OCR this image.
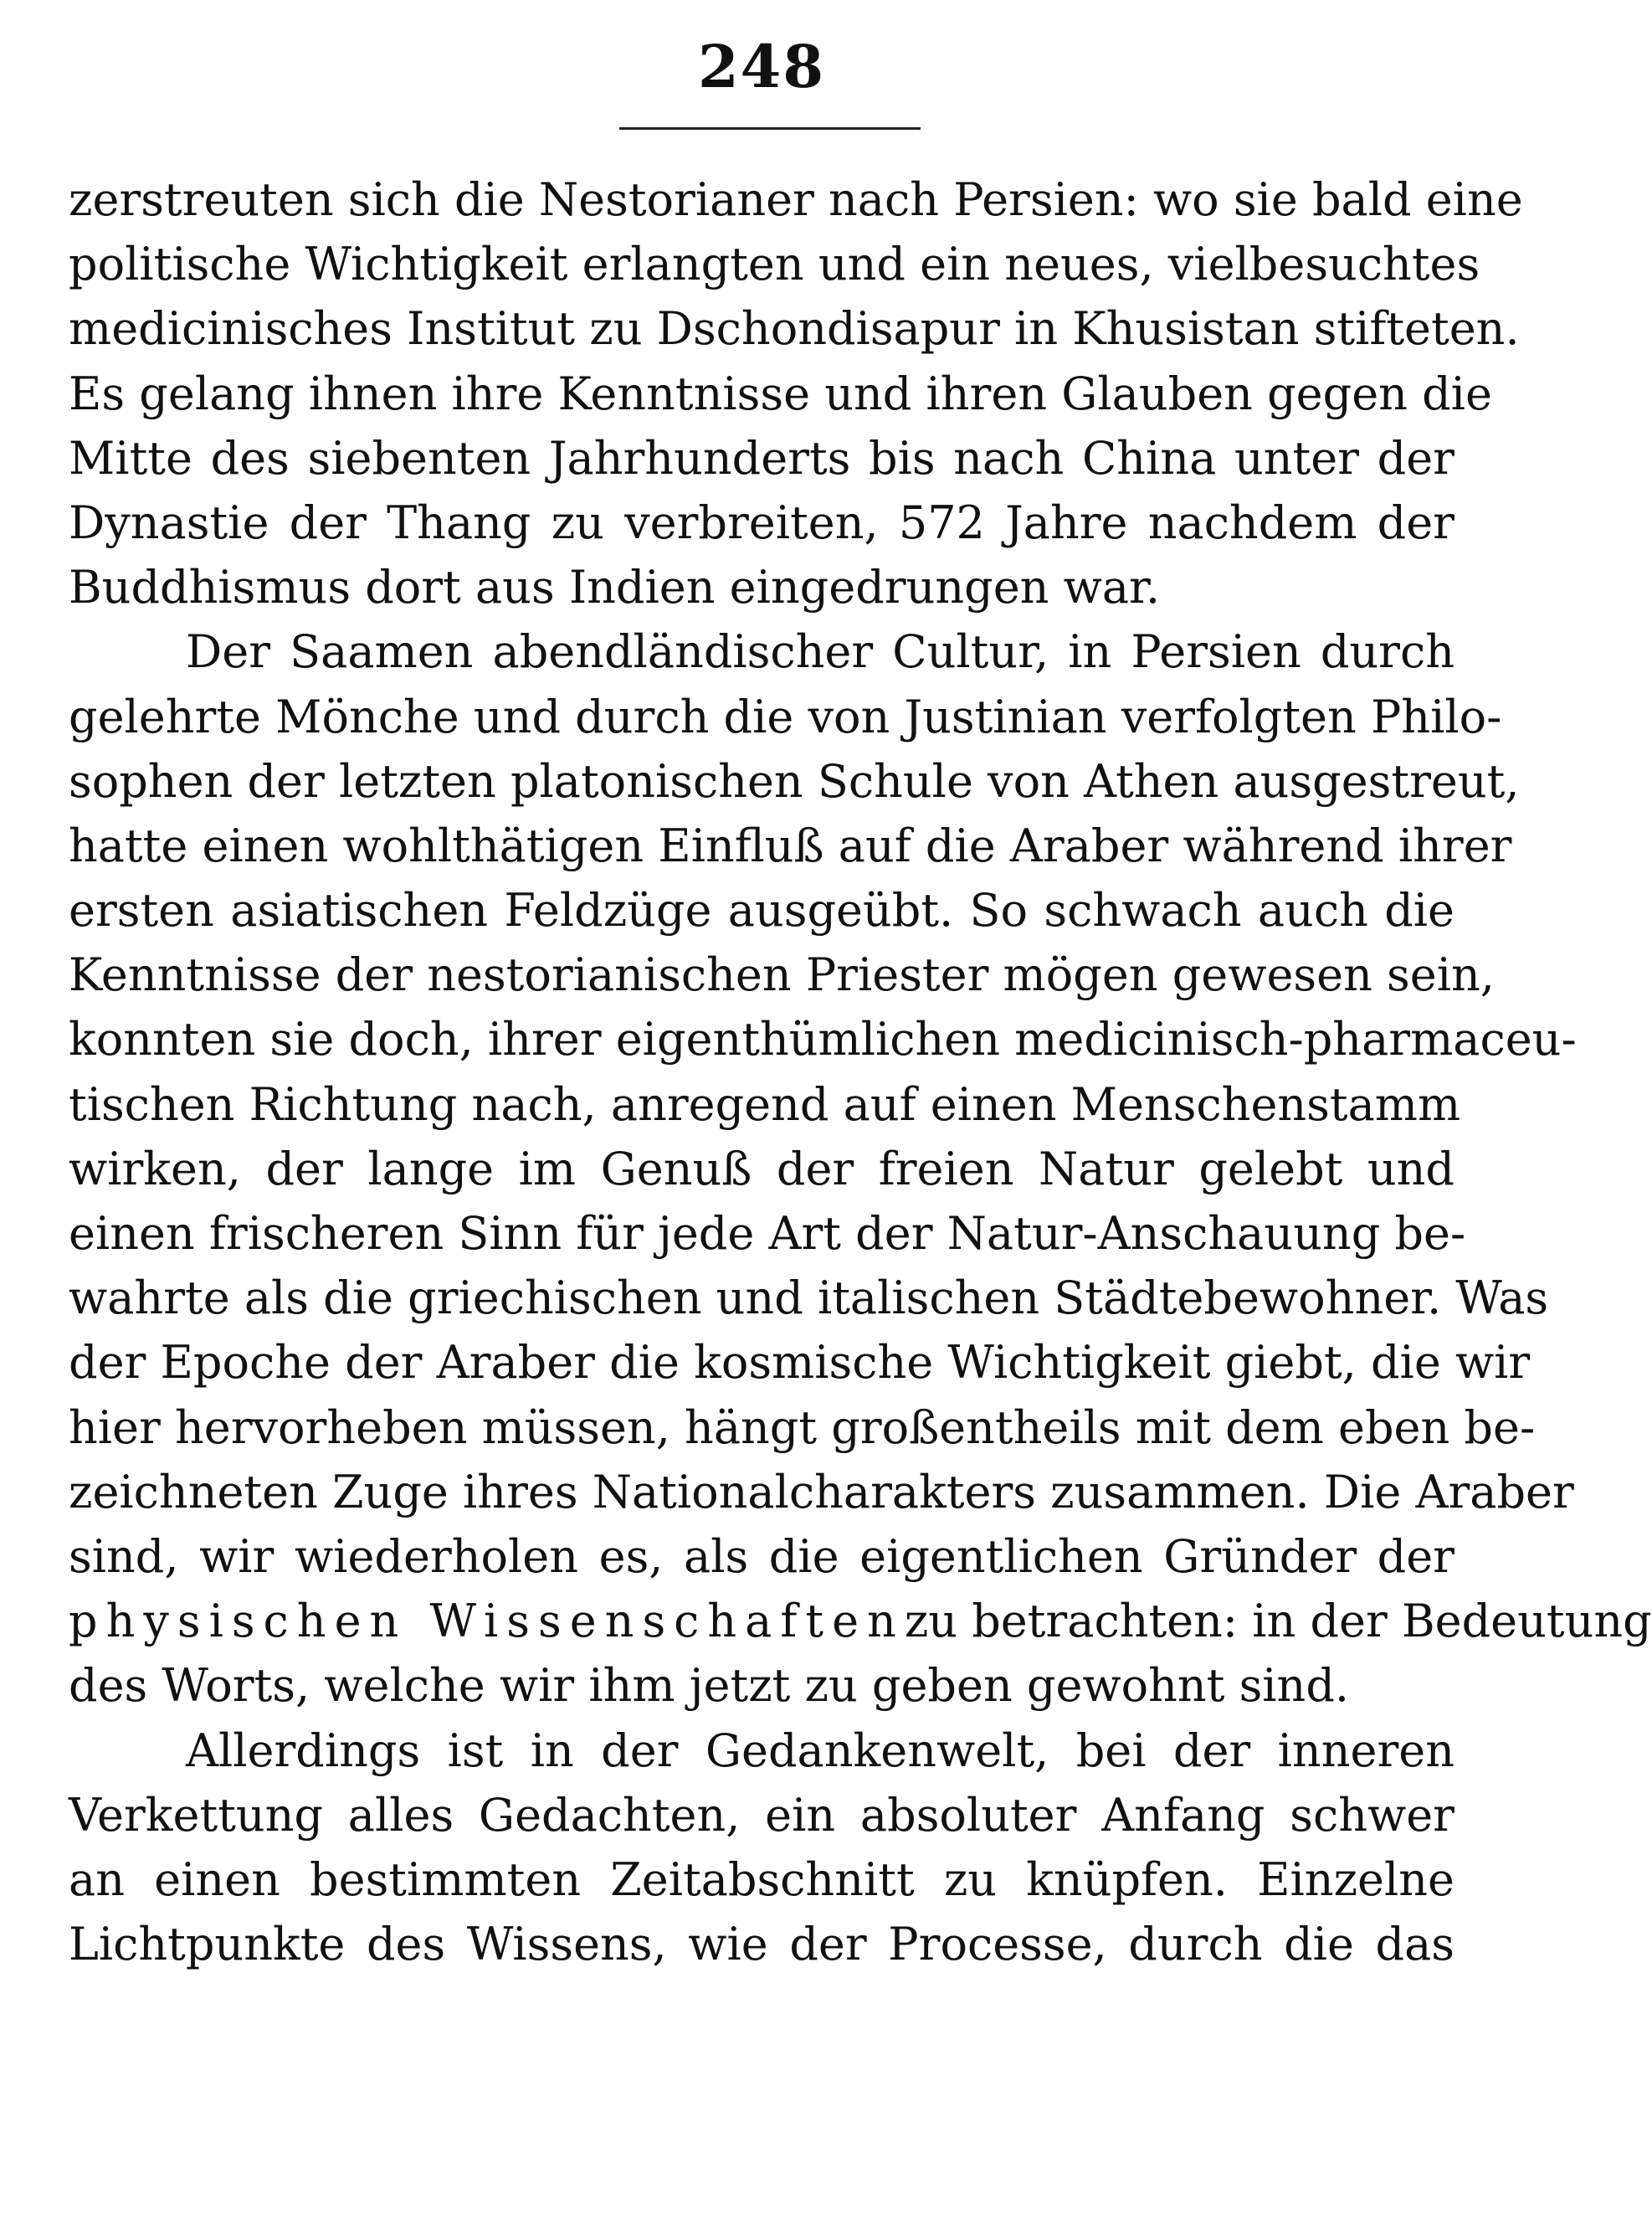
248
zerstreuten sich die Nestorianer nach Persien: wo sie bald eine
politische Wichtigkeit erlangten und ein neues, vielbesuchtes
medicinisches Institut zu Dschondisapur in Khusistan stifteten.
Es gelang ihnen ihre Kenntnisse und ihren Glauben gegen die
Mitte des siebenten Jahrhunderts bis nach China unter der
Dynastie der Thang zu verbreiten, 572 Jahre nachdem der
Buddhismus dort aus Indien eingedrungen war.
Der Saamen abendländischer Cultur, in Persien durch
gelehrte Mönche und durch die von Justinian verfolgten Philo-
sophen der letzten platonischen Schule von Athen ausgestreut,
hatte einen wohlthätigen Einfluß auf die Araber während ihrer
ersten asiatischen Feldzüge ausgeübt. So schwach auch die
Kenntnisse der nestorianischen Priester mögen gewesen sein,
konnten sie doch, ihrer eigenthümlichen medicinisch-pharmaceu-
tischen Richtung nach, anregend auf einen Menschenstamm
wirken, der lange im Genuß der freien Natur gelebt und
einen frischeren Sinn für jede Art der Natur-Anschauung be-
wahrte als die griechischen und italischen Städtebewohner. Was
der Epoche der Araber die kosmische Wichtigkeit giebt, die wir
hier hervorheben müssen, hängt großentheils mit dem eben be-
zeichneten Zuge ihres Nationalcharakters zusammen. Die Araber
sind, wir wiederholen es, als die eigentlichen Gründer der
physischen Wissenschaften zu betrachten: in der Bedeutung
des Worts, welche wir ihm jetzt zu geben gewohnt sind.
Allerdings ist in der Gedankenwelt, bei der inneren
Verkettung alles Gedachten, ein absoluter Anfang schwer
an einen bestimmten Zeitabschnitt zu knüpfen. Einzelne
Lichtpunkte des Wissens, wie der Processe, durch die das
